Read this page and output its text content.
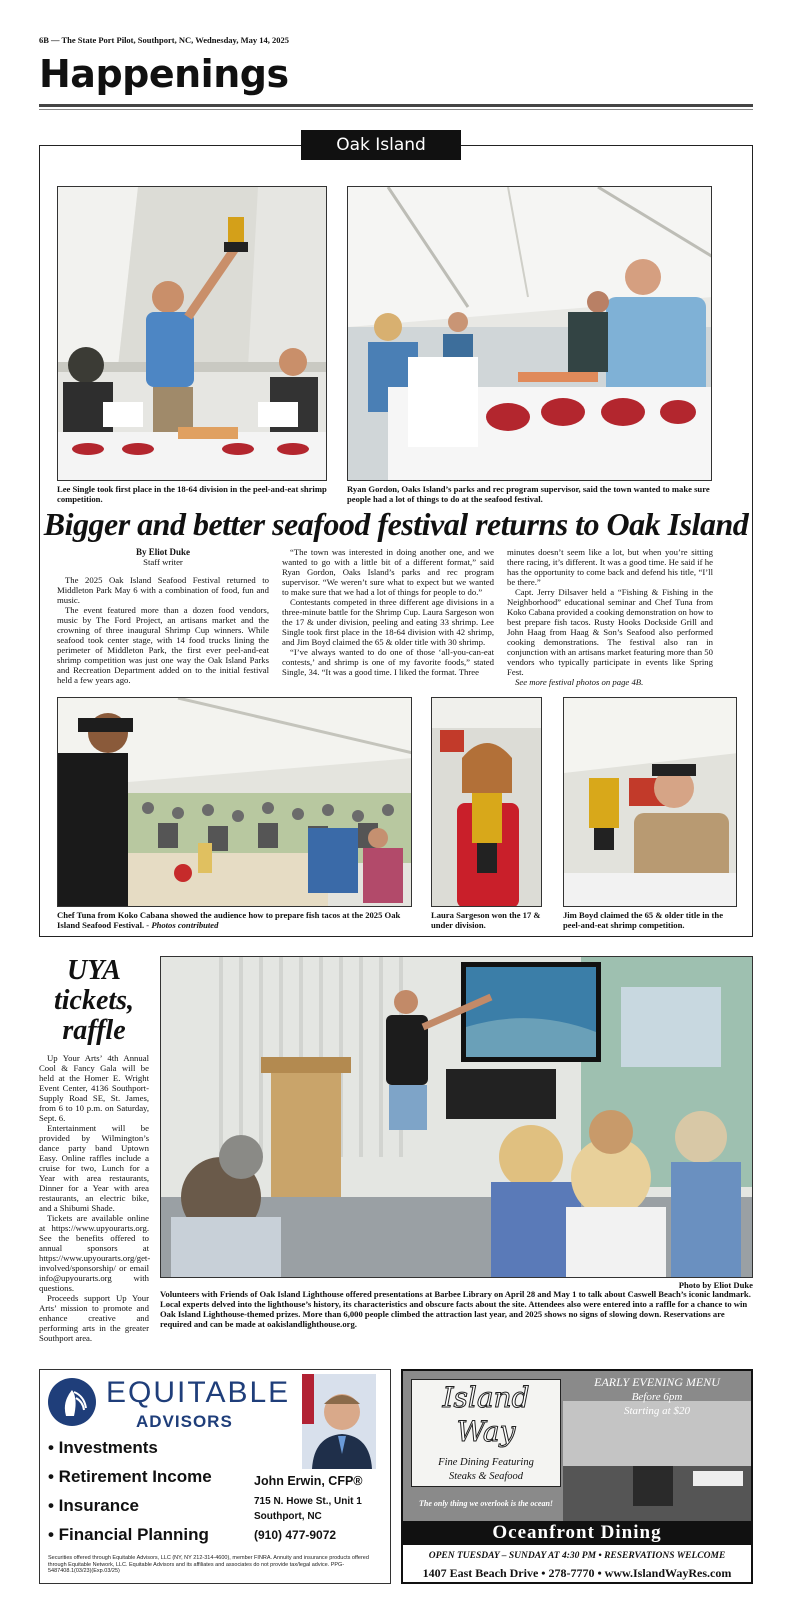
6B — The State Port Pilot, Southport, NC, Wednesday, May 14, 2025
Happenings
Oak Island
Lee Single took first place in the 18-64 division in the peel-and-eat shrimp competition.
Ryan Gordon, Oaks Island’s parks and rec program supervisor, said the town wanted to make sure people had a lot of things to do at the seafood festival.
Bigger and better seafood festival returns to Oak Island
By Eliot Duke
Staff writer

The 2025 Oak Island Seafood Festival returned to Middleton Park May 6 with a combination of food, fun and music.

The event featured more than a dozen food vendors, music by The Ford Project, an artisans market and the crowning of three inaugural Shrimp Cup winners. While seafood took center stage, with 14 food trucks lining the perimeter of Middleton Park, the first ever peel-and-eat shrimp competition was just one way the Oak Island Parks and Recreation Department added on to the initial festival held a few years ago.

“The town was interested in doing another one, and we wanted to go with a little bit of a different format,” said Ryan Gordon, Oaks Island’s parks and rec program supervisor. “We weren’t sure what to expect but we wanted to make sure that we had a lot of things for people to do.”

Contestants competed in three different age divisions in a three-minute battle for the Shrimp Cup. Laura Sargeson won the 17 & under division, peeling and eating 33 shrimp. Lee Single took first place in the 18-64 division with 42 shrimp, and Jim Boyd claimed the 65 & older title with 30 shrimp.

“I’ve always wanted to do one of those ‘all-you-can-eat contests,’ and shrimp is one of my favorite foods,” stated Single, 34. “It was a good time. I liked the format. Three

minutes doesn’t seem like a lot, but when you’re sitting there racing, it’s different. It was a good time. He said if he has the opportunity to come back and defend his title, “I’ll be there.”

Capt. Jerry Dilsaver held a “Fishing & Fishing in the Neighborhood” educational seminar and Chef Tuna from Koko Cabana provided a cooking demonstration on how to best prepare fish tacos. Rusty Hooks Dockside Grill and John Haag from Haag & Son’s Seafood also performed cooking demonstrations. The festival also ran in conjunction with an artisans market featuring more than 50 vendors who typically participate in events like Spring Fest.

See more festival photos on page 4B.

Chef Tuna from Koko Cabana showed the audience how to prepare fish tacos at the 2025 Oak Island Seafood Festival. - Photos contributed
Laura Sargeson won the 17 & under division.
Jim Boyd claimed the 65 & older title in the peel-and-eat shrimp competition.
UYA tickets, raffle

Up Your Arts’ 4th Annual Cool & Fancy Gala will be held at the Homer E. Wright Event Center, 4136 Southport-Supply Road SE, St. James, from 6 to 10 p.m. on Saturday, Sept. 6.

Entertainment will be provided by Wilmington’s dance party band Uptown Easy. Online raffles include a cruise for two, Lunch for a Year with area restaurants, Dinner for a Year with area restaurants, an electric bike, and a Shibumi Shade.

Tickets are available online at https://www.upyourarts.org. See the benefits offered to annual sponsors at https://www.upyourarts.org/get-involved/sponsorship/ or email info@upyourarts.org with questions.

Proceeds support Up Your Arts’ mission to promote and enhance creative and performing arts in the greater Southport area.

Photo by Eliot Duke
Volunteers with Friends of Oak Island Lighthouse offered presentations at Barbee Library on April 28 and May 1 to talk about Caswell Beach’s iconic landmark. Local experts delved into the lighthouse’s history, its characteristics and obscure facts about the site. Attendees also were entered into a raffle for a chance to win Oak Island Lighthouse-themed prizes. More than 6,000 people climbed the attraction last year, and 2025 shows no signs of slowing down. Reservations are required and can be made at oakislandlighthouse.org.
EQUITABLE
ADVISORS
• Investments
• Retirement Income
• Insurance
• Financial Planning
John Erwin, CFP®
715 N. Howe St., Unit 1
Southport, NC
(910) 477-9072
Securities offered through Equitable Advisors, LLC (NY, NY 212-314-4600), member FINRA. Annuity and insurance products offered through Equitable Network, LLC. Equitable Advisors and its affiliates and associates do not provide tax/legal advice. PPG-5487408.1(03/23)(Exp.03/25)
Island
Way
Fine Dining Featuring
Steaks & Seafood
EARLY EVENING MENU
Before 6pm
Starting at $20
The only thing we overlook is the ocean!
Oceanfront Dining
OPEN TUESDAY – SUNDAY AT 4:30 PM • RESERVATIONS WELCOME
1407 East Beach Drive • 278-7770 • www.IslandWayRes.com
